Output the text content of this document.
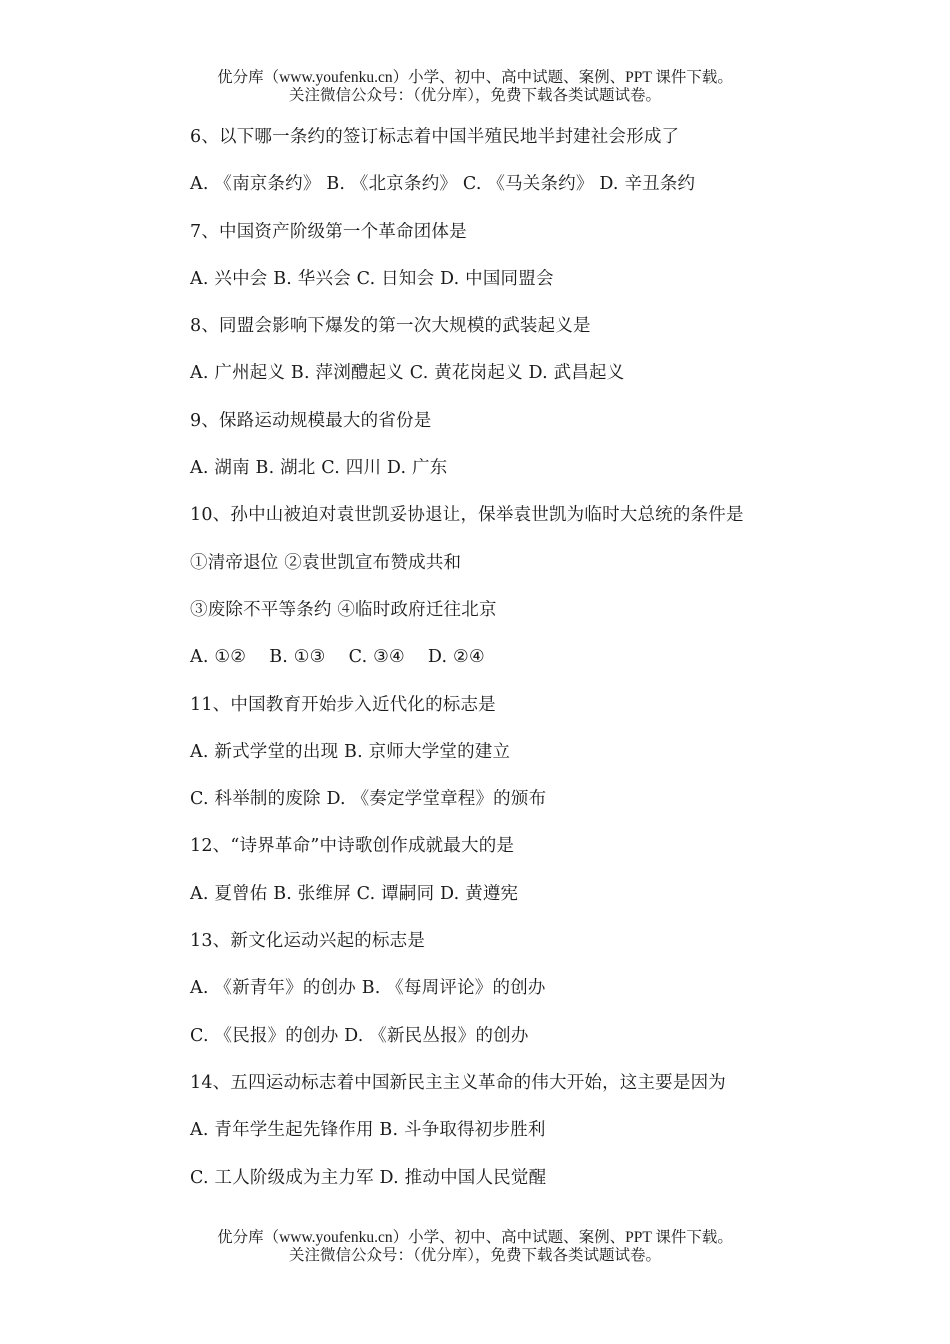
优分库（www.youfenku.cn）小学、初中、高中试题、案例、PPT 课件下载。
关注微信公众号：（优分库），免费下载各类试题试卷。
6、以下哪一条约的签订标志着中国半殖民地半封建社会形成了
A. 《南京条约》 B. 《北京条约》 C. 《马关条约》 D. 辛丑条约
7、中国资产阶级第一个革命团体是
A. 兴中会 B. 华兴会 C. 日知会 D. 中国同盟会
8、同盟会影响下爆发的第一次大规模的武装起义是
A. 广州起义 B. 萍浏醴起义 C. 黄花岗起义 D. 武昌起义
9、保路运动规模最大的省份是
A. 湖南 B. 湖北 C. 四川 D. 广东
10、孙中山被迫对袁世凯妥协退让，保举袁世凯为临时大总统的条件是
①清帝退位 ②袁世凯宣布赞成共和
③废除不平等条约 ④临时政府迁往北京
A. ①②    B. ①③    C. ③④    D. ②④
11、中国教育开始步入近代化的标志是
A. 新式学堂的出现 B. 京师大学堂的建立
C. 科举制的废除 D. 《奏定学堂章程》的颁布
12、“诗界革命”中诗歌创作成就最大的是
A. 夏曾佑 B. 张维屏 C. 谭嗣同 D. 黄遵宪
13、新文化运动兴起的标志是
A. 《新青年》的创办 B. 《每周评论》的创办
C. 《民报》的创办 D. 《新民丛报》的创办
14、五四运动标志着中国新民主主义革命的伟大开始，这主要是因为
A. 青年学生起先锋作用 B. 斗争取得初步胜利
C. 工人阶级成为主力军 D. 推动中国人民觉醒
优分库（www.youfenku.cn）小学、初中、高中试题、案例、PPT 课件下载。
关注微信公众号：（优分库），免费下载各类试题试卷。
